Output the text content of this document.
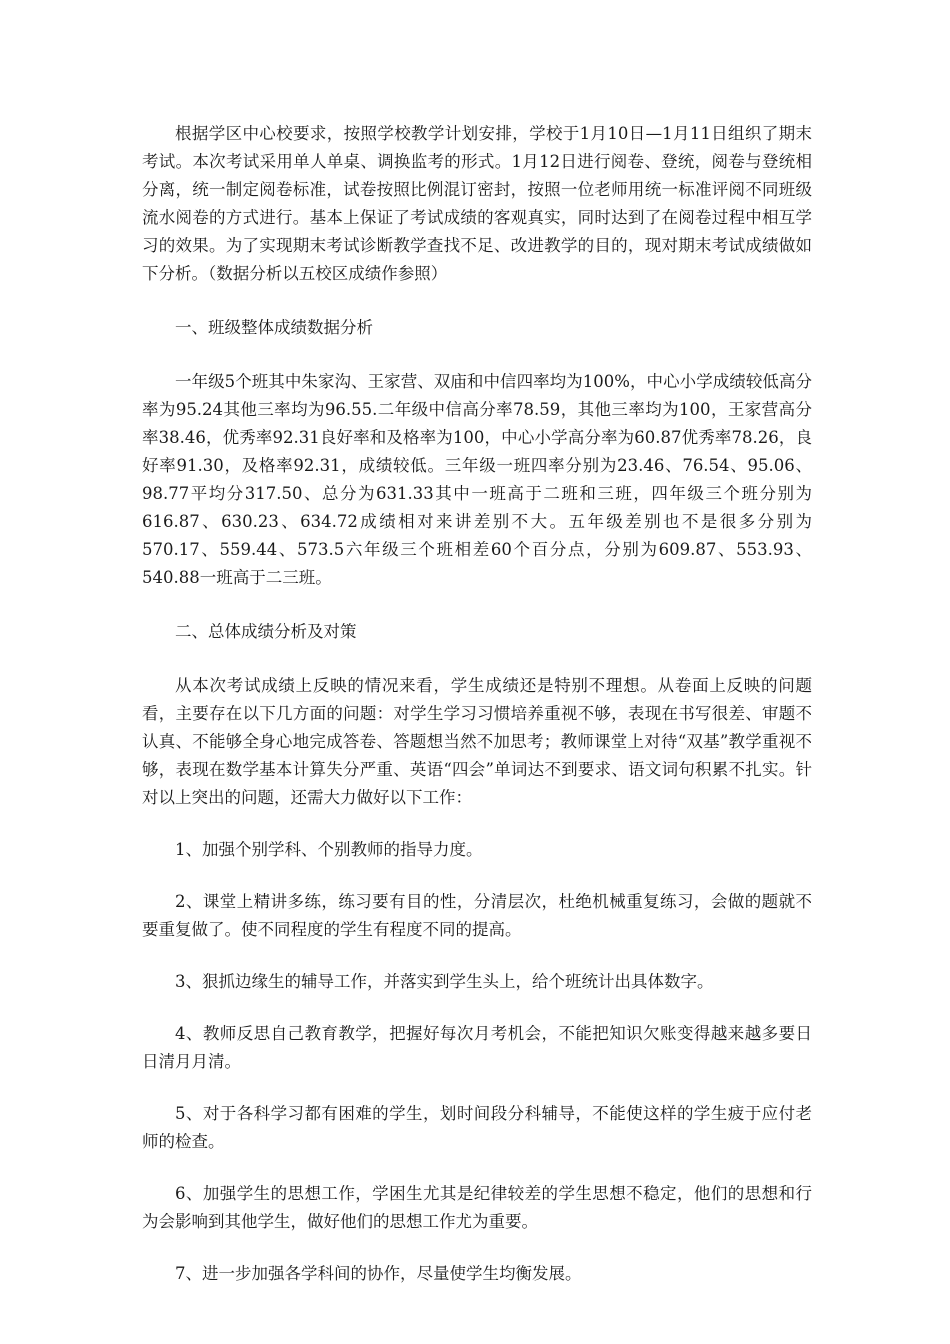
根据学区中心校要求，按照学校教学计划安排，学校于1月10日—1月11日组织了期末考试。本次考试采用单人单桌、调换监考的形式。1月12日进行阅卷、登统，阅卷与登统相分离，统一制定阅卷标准，试卷按照比例混订密封，按照一位老师用统一标准评阅不同班级流水阅卷的方式进行。基本上保证了考试成绩的客观真实，同时达到了在阅卷过程中相互学习的效果。为了实现期末考试诊断教学查找不足、改进教学的目的，现对期末考试成绩做如下分析。（数据分析以五校区成绩作参照）

一、班级整体成绩数据分析

一年级5个班其中朱家沟、王家营、双庙和中信四率均为100%，中心小学成绩较低高分率为95.24其他三率均为96.55.二年级中信高分率78.59，其他三率均为100，王家营高分率38.46，优秀率92.31良好率和及格率为100，中心小学高分率为60.87优秀率78.26，良好率91.30，及格率92.31，成绩较低。三年级一班四率分别为23.46、76.54、95.06、98.77平均分317.50、总分为631.33其中一班高于二班和三班，四年级三个班分别为616.87、630.23、634.72成绩相对来讲差别不大。五年级差别也不是很多分别为570.17、559.44、573.5六年级三个班相差60个百分点，分别为609.87、553.93、540.88一班高于二三班。

二、总体成绩分析及对策

从本次考试成绩上反映的情况来看，学生成绩还是特别不理想。从卷面上反映的问题看，主要存在以下几方面的问题：对学生学习习惯培养重视不够，表现在书写很差、审题不认真、不能够全身心地完成答卷、答题想当然不加思考；教师课堂上对待“双基”教学重视不够，表现在数学基本计算失分严重、英语“四会”单词达不到要求、语文词句积累不扎实。针对以上突出的问题，还需大力做好以下工作：

1、加强个别学科、个别教师的指导力度。

2、课堂上精讲多练，练习要有目的性，分清层次，杜绝机械重复练习，会做的题就不要重复做了。使不同程度的学生有程度不同的提高。

3、狠抓边缘生的辅导工作，并落实到学生头上，给个班统计出具体数字。

4、教师反思自己教育教学，把握好每次月考机会，不能把知识欠账变得越来越多要日日清月月清。

5、对于各科学习都有困难的学生，划时间段分科辅导，不能使这样的学生疲于应付老师的检查。

6、加强学生的思想工作，学困生尤其是纪律较差的学生思想不稳定，他们的思想和行为会影响到其他学生，做好他们的思想工作尤为重要。

7、进一步加强各学科间的协作，尽量使学生均衡发展。
